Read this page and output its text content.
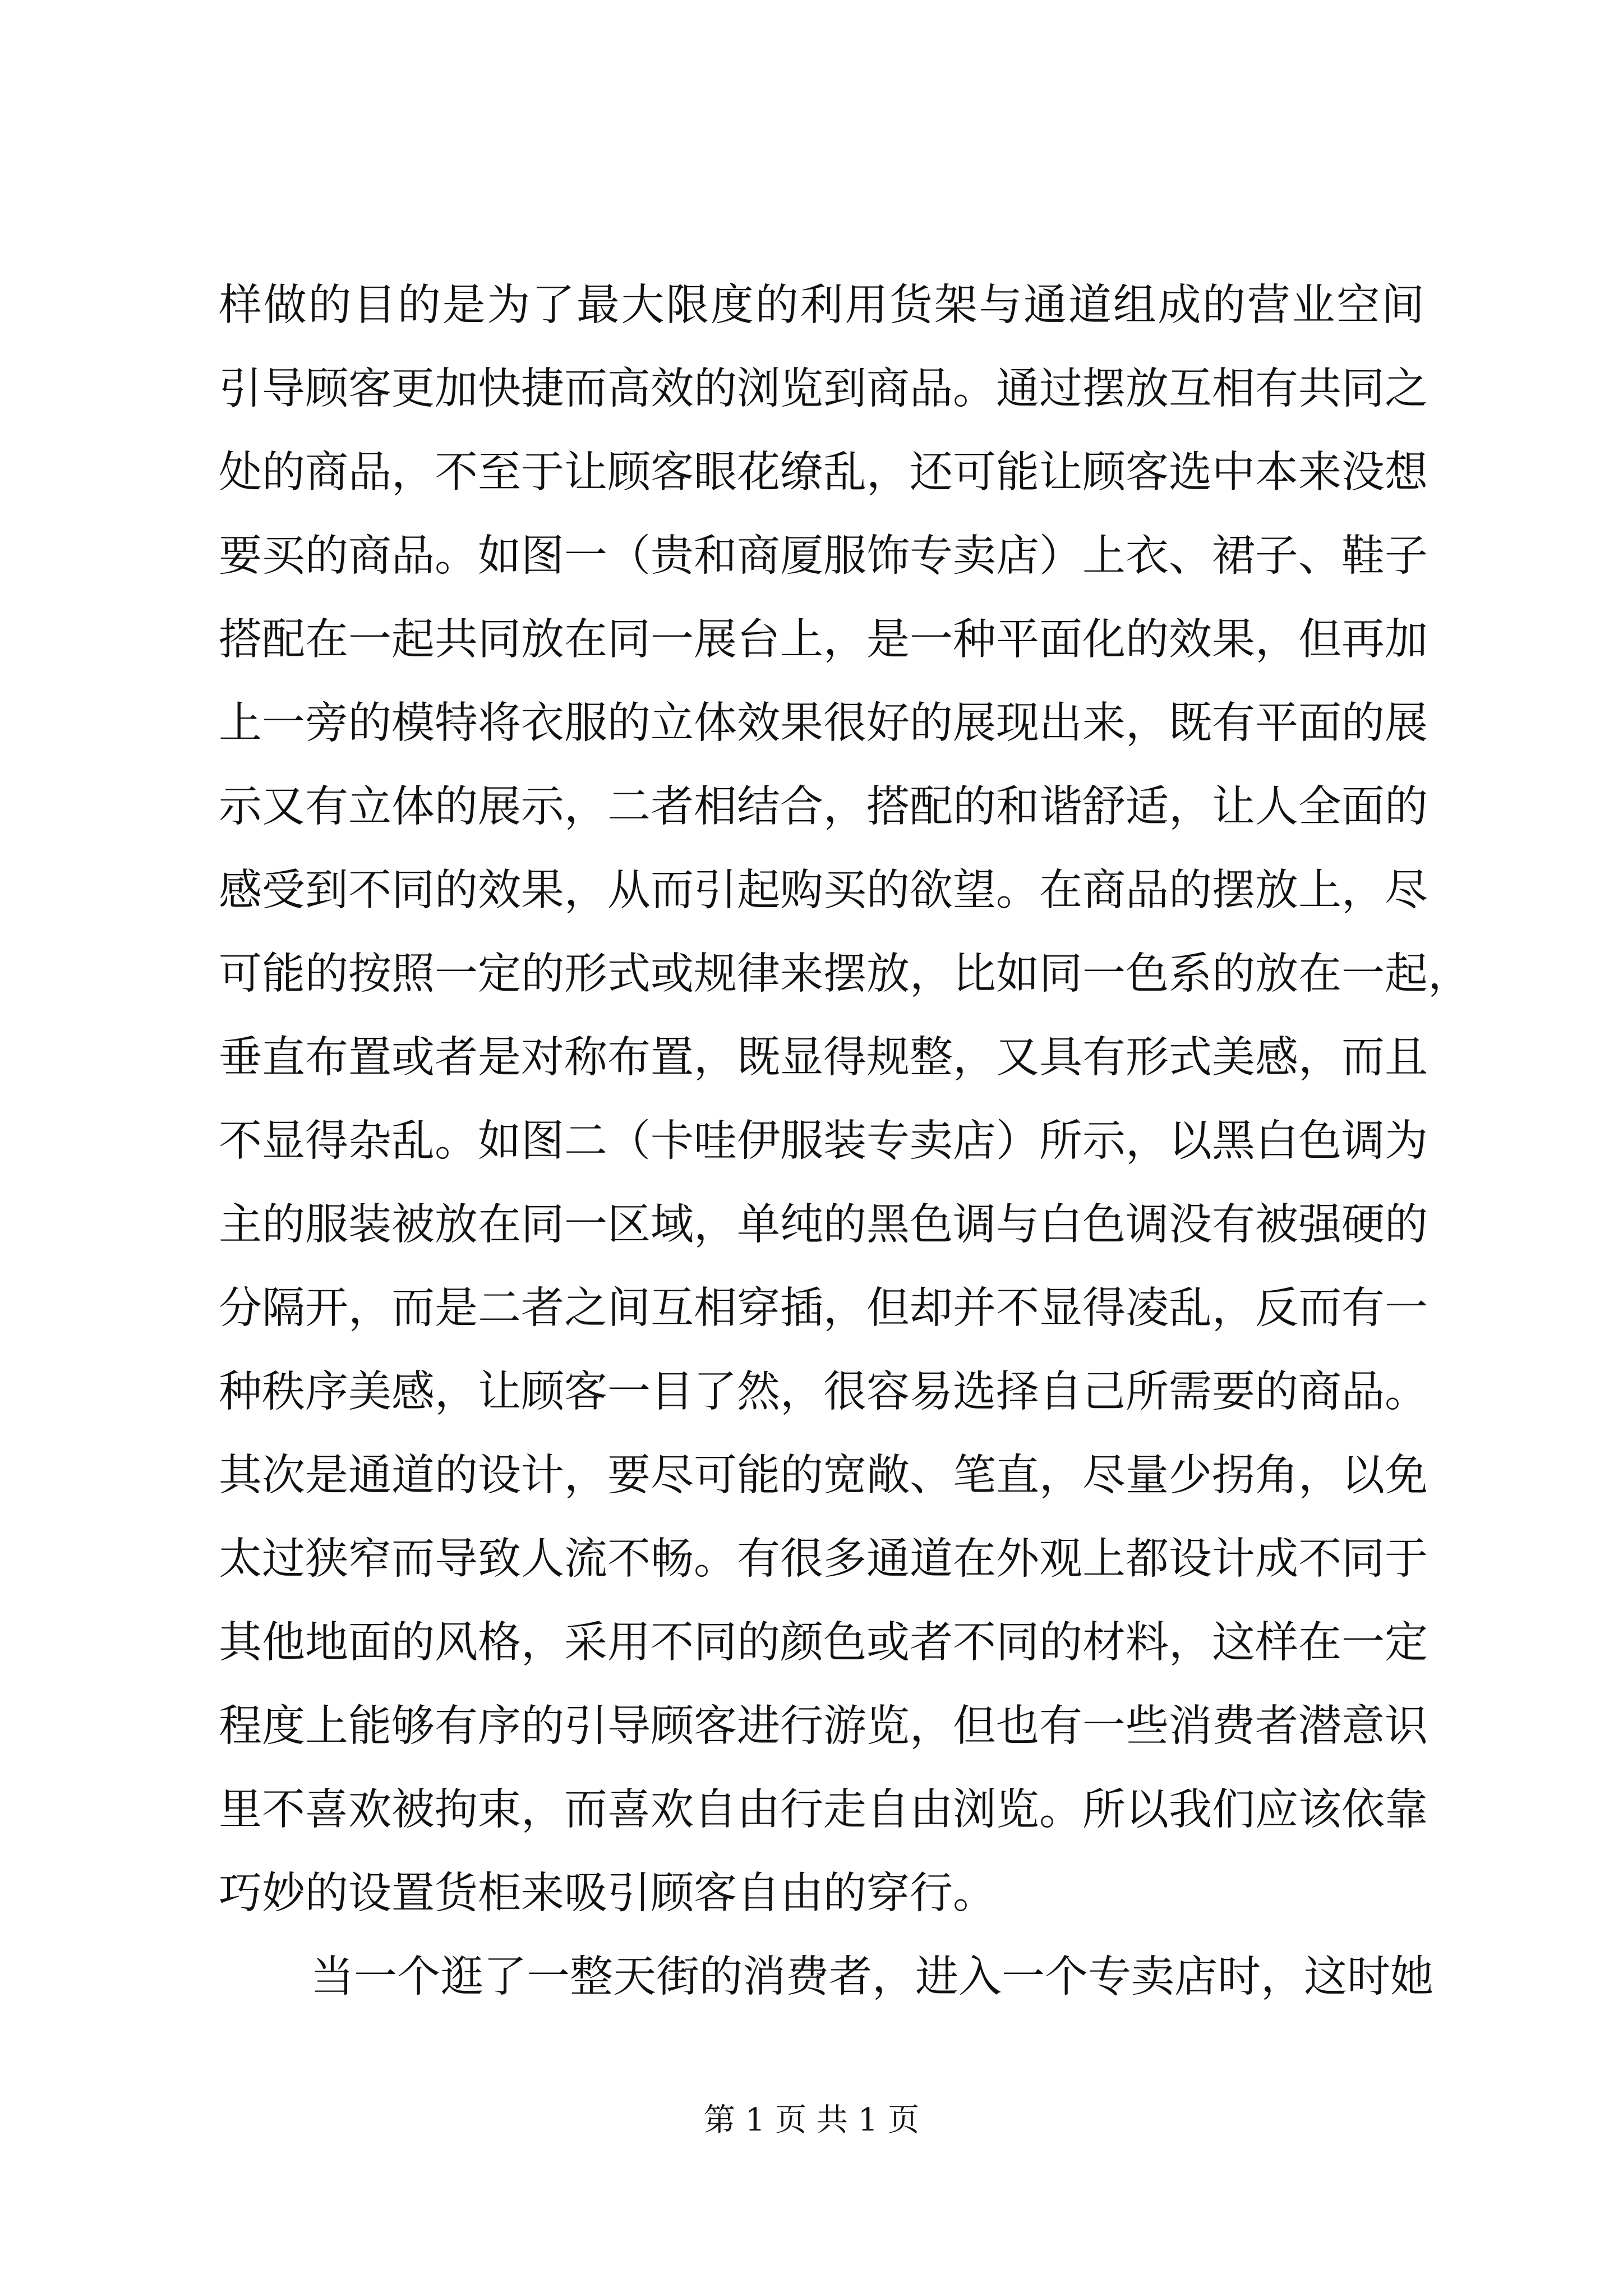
样做的目的是为了最大限度的利用货架与通道组成的营业空间
引导顾客更加快捷而高效的浏览到商品。通过摆放互相有共同之
处的商品，不至于让顾客眼花缭乱，还可能让顾客选中本来没想
要买的商品。如图一（贵和商厦服饰专卖店）上衣、裙子、鞋子
搭配在一起共同放在同一展台上，是一种平面化的效果，但再加
上一旁的模特将衣服的立体效果很好的展现出来，既有平面的展
示又有立体的展示，二者相结合，搭配的和谐舒适，让人全面的
感受到不同的效果，从而引起购买的欲望。在商品的摆放上，尽
可能的按照一定的形式或规律来摆放，比如同一色系的放在一起，
垂直布置或者是对称布置，既显得规整，又具有形式美感，而且
不显得杂乱。如图二（卡哇伊服装专卖店）所示，以黑白色调为
主的服装被放在同一区域，单纯的黑色调与白色调没有被强硬的
分隔开，而是二者之间互相穿插，但却并不显得凌乱，反而有一
种秩序美感，让顾客一目了然，很容易选择自己所需要的商品。
其次是通道的设计，要尽可能的宽敞、笔直，尽量少拐角，以免
太过狭窄而导致人流不畅。有很多通道在外观上都设计成不同于
其他地面的风格，采用不同的颜色或者不同的材料，这样在一定
程度上能够有序的引导顾客进行游览，但也有一些消费者潜意识
里不喜欢被拘束，而喜欢自由行走自由浏览。所以我们应该依靠
巧妙的设置货柜来吸引顾客自由的穿行。
当一个逛了一整天街的消费者，进入一个专卖店时，这时她
第 1 页 共 1 页
